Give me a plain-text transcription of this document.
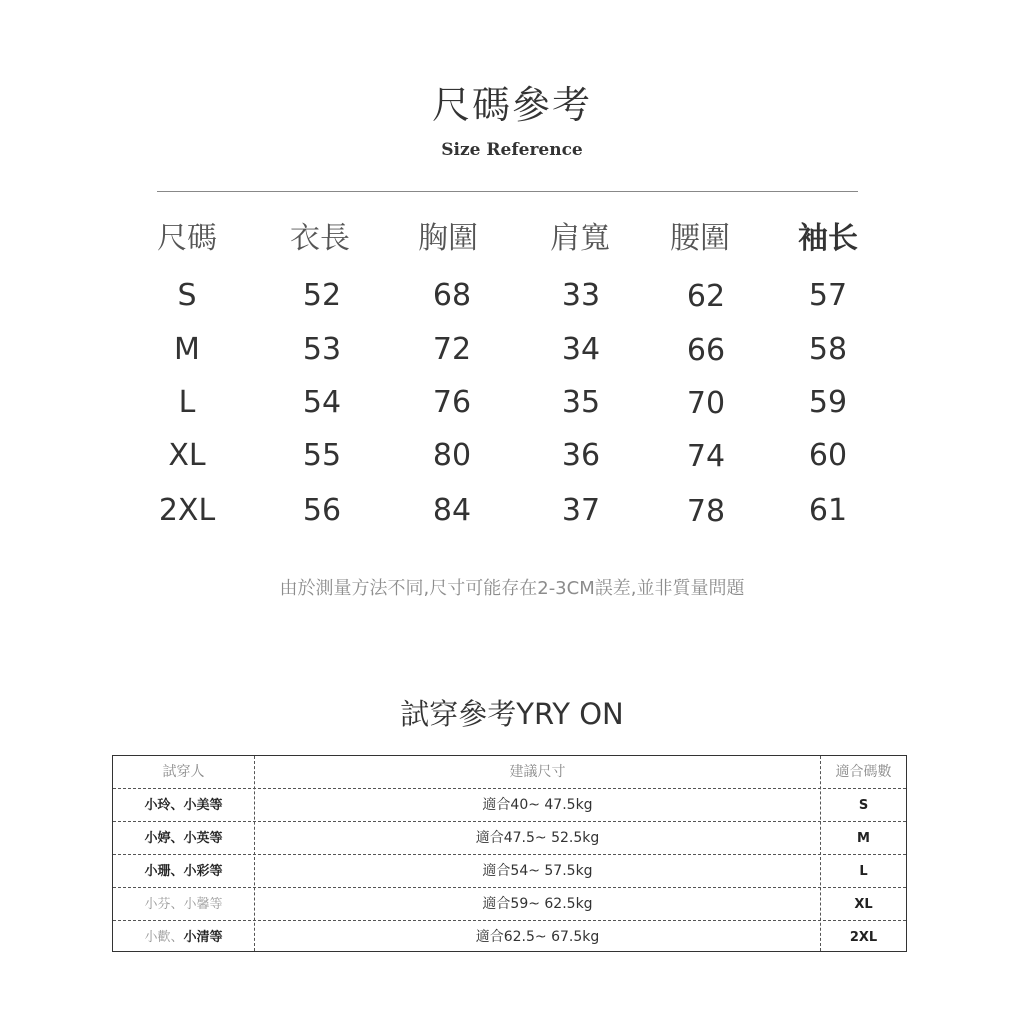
尺碼參考
Size Reference
尺碼	衣長	胸圍	肩寬	腰圍	袖长
S	52	68	33	62	57
M	53	72	34	66	58
L	54	76	35	70	59
XL	55	80	36	74	60
2XL	56	84	37	78	61
由於測量方法不同,尺寸可能存在2-3CM誤差,並非質量問題
試穿參考YRY ON
試穿人	建議尺寸	適合碼數
小玲、小美等	適合40~ 47.5kg	S
小婷、小英等	適合47.5~ 52.5kg	M
小珊、小彩等	適合54~ 57.5kg	L
小芬、小馨等	適合59~ 62.5kg	XL
小歡、小清等	適合62.5~ 67.5kg	2XL
